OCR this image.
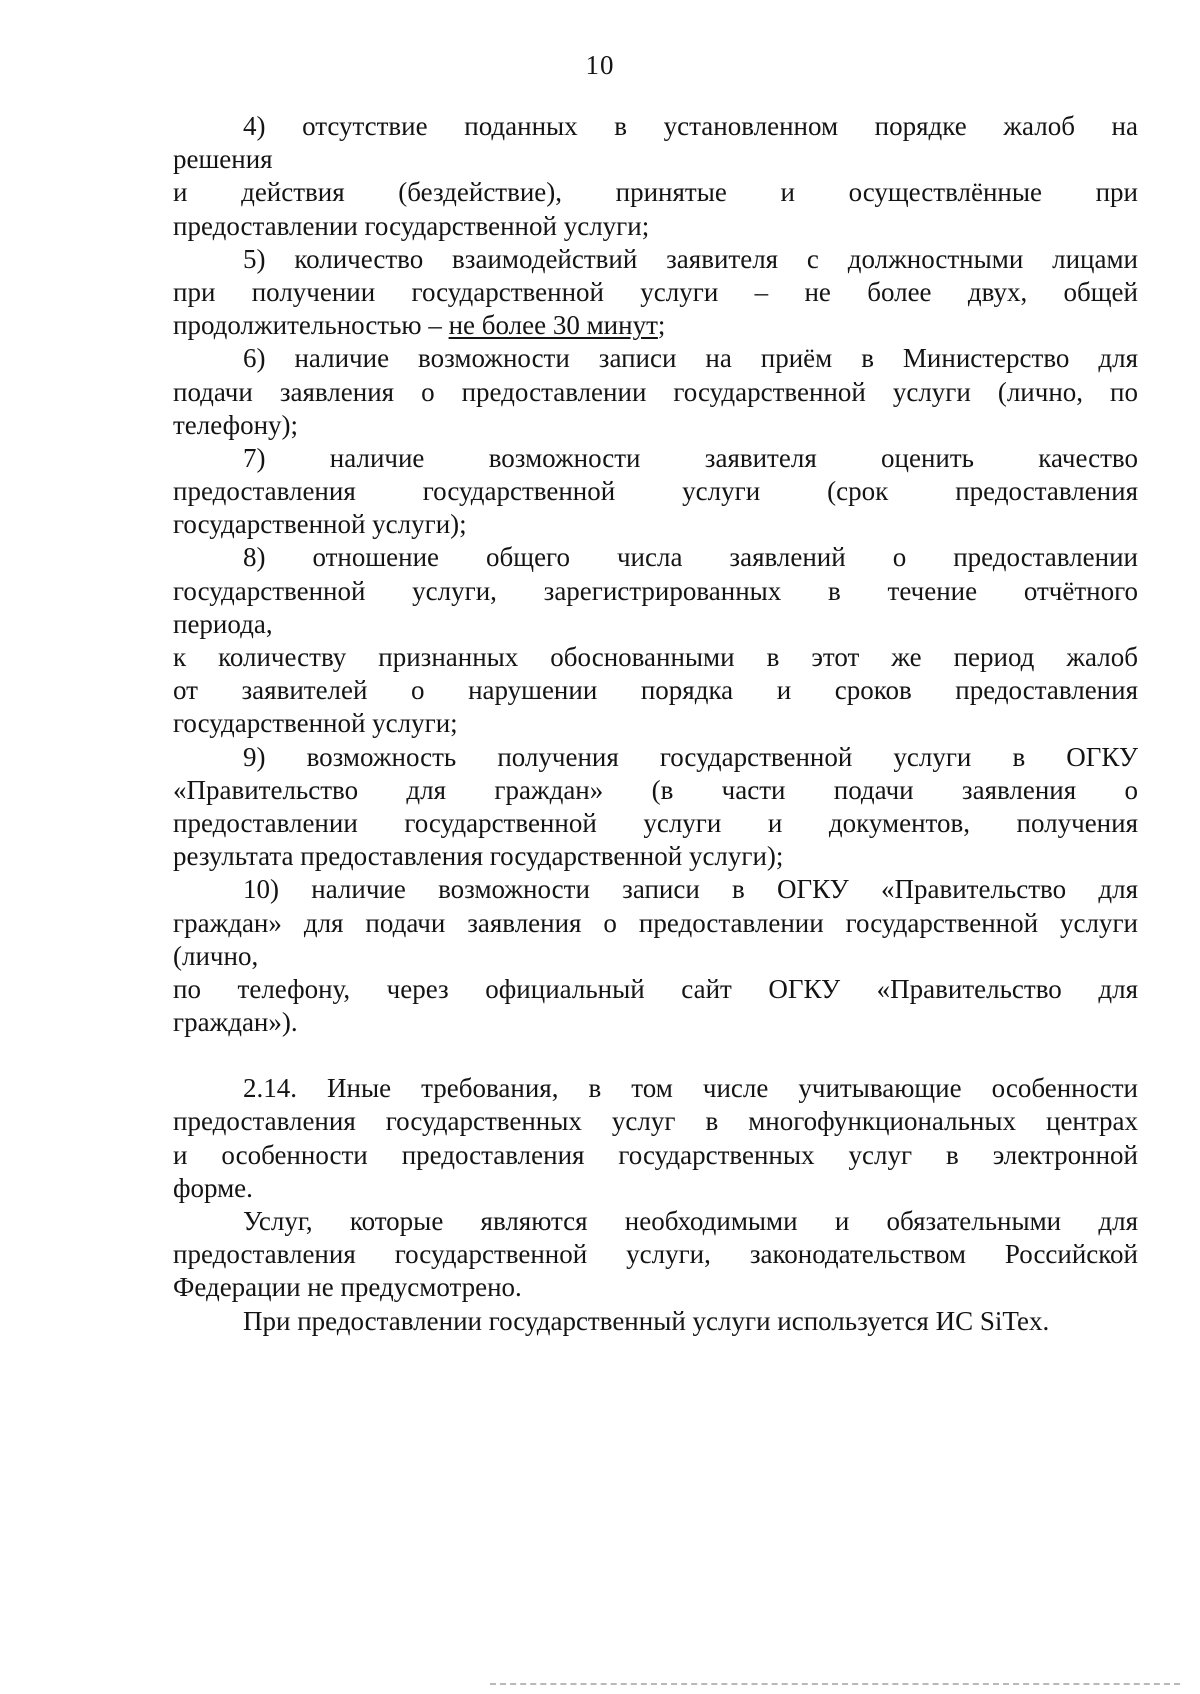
10
4) отсутствие поданных в установленном порядке жалоб на
решения
и действия (бездействие), принятые и осуществлённые при
предоставлении государственной услуги;
5) количество взаимодействий заявителя с должностными лицами
при получении государственной услуги – не более двух, общей
продолжительностью – не более 30 минут;
6) наличие возможности записи на приём в Министерство для
подачи заявления о предоставлении государственной услуги (лично, по
телефону);
7) наличие возможности заявителя оценить качество
предоставления государственной услуги (срок предоставления
государственной услуги);
8) отношение общего числа заявлений о предоставлении
государственной услуги, зарегистрированных в течение отчётного
периода,
к количеству признанных обоснованными в этот же период жалоб
от заявителей о нарушении порядка и сроков предоставления
государственной услуги;
9) возможность получения государственной услуги в ОГКУ
«Правительство для граждан» (в части подачи заявления о
предоставлении государственной услуги и документов, получения
результата предоставления государственной услуги);
10) наличие возможности записи в ОГКУ «Правительство для
граждан» для подачи заявления о предоставлении государственной услуги
(лично,
по телефону, через официальный сайт ОГКУ «Правительство для
граждан»).
2.14. Иные требования, в том числе учитывающие особенности
предоставления государственных услуг в многофункциональных центрах
и особенности предоставления государственных услуг в электронной
форме.
Услуг, которые являются необходимыми и обязательными для
предоставления государственной услуги, законодательством Российской
Федерации не предусмотрено.
При предоставлении государственный услуги используется ИС SiTex.
